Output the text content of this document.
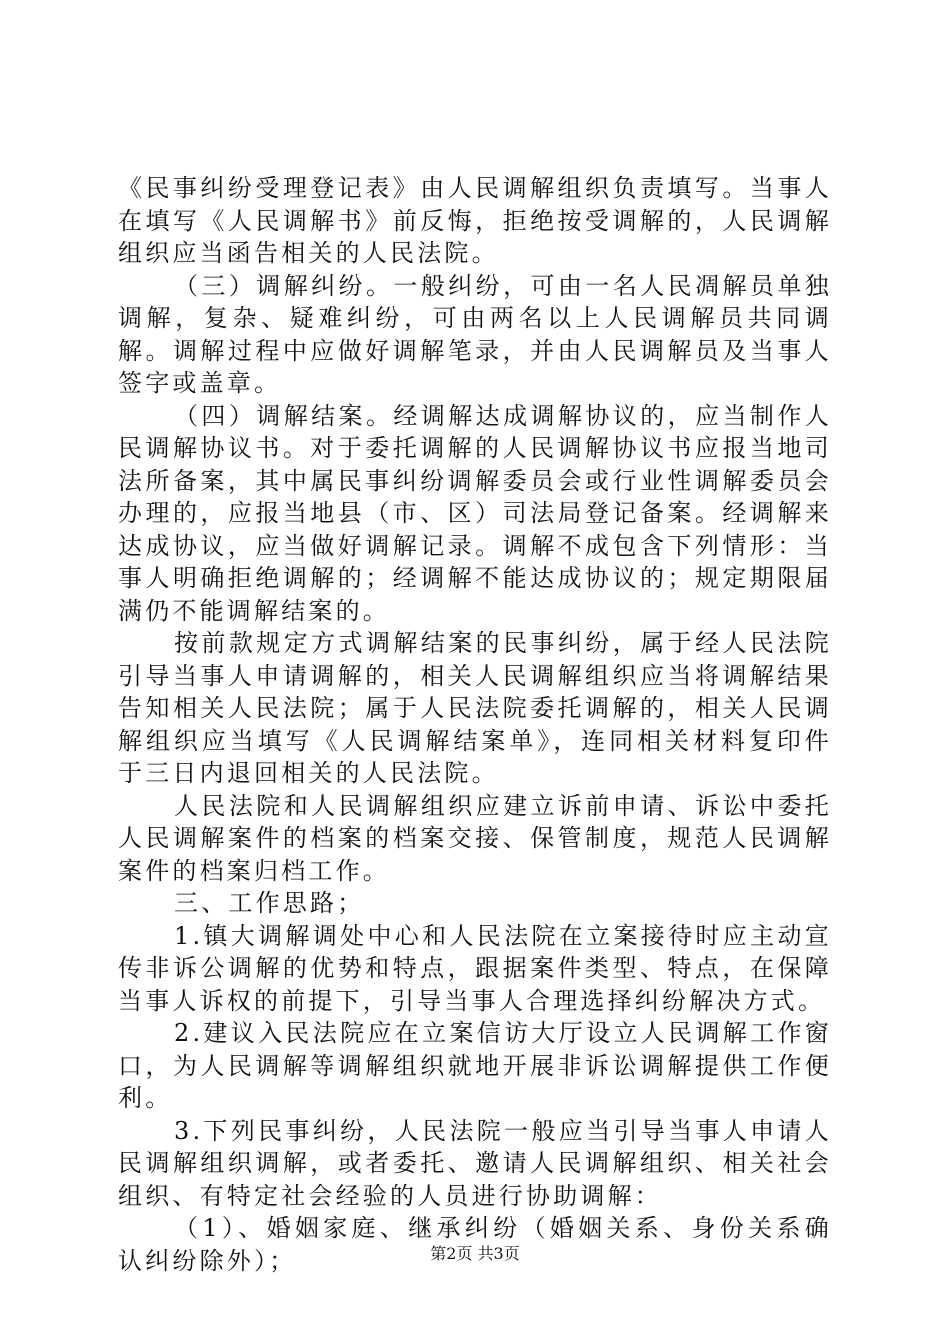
《民事纠纷受理登记表》由人民调解组织负责填写。当事人在填写《人民调解书》前反悔，拒绝按受调解的，人民调解组织应当函告相关的人民法院。

（三）调解纠纷。一般纠纷，可由一名人民凋解员单独调解，复杂、疑难纠纷，可由两名以上人民调解员共同调解。调解过程中应做好调解笔录，并由人民调解员及当事人签字或盖章。

（四）调解结案。经调解达成调解协议的，应当制作人民调解协议书。对于委托调解的人民调解协议书应报当地司法所备案，其中属民事纠纷调解委员会或行业性调解委员会办理的，应报当地县（市、区）司法局登记备案。经调解来达成协议，应当做好调解记录。调解不成包含下列情形：当事人明确拒绝调解的；经调解不能达成协议的；规定期限届满仍不能调解结案的。

按前款规定方式调解结案的民事纠纷，属于经人民法院引导当事人申请调解的，相关人民调解组织应当将调解结果告知相关人民法院；属于人民法院委托调解的，相关人民调解组织应当填写《人民调解结案单》，连同相关材料复印件于三日内退回相关的人民法院。

人民法院和人民调解组织应建立诉前申请、诉讼中委托人民调解案件的档案的档案交接、保管制度，规范人民调解案件的档案归档工作。

三、工作思路；

1.镇大调解调处中心和人民法院在立案接待时应主动宣传非诉公调解的优势和特点，跟据案件类型、特点，在保障当事人诉权的前提下，引导当事人合理选择纠纷解决方式。

2.建议入民法院应在立案信访大厅设立人民调解工作窗口，为人民调解等调解组织就地开展非诉讼调解提供工作便利。

3.下列民事纠纷，人民法院一般应当引导当事人申请人民调解组织调解，或者委托、邀请人民调解组织、相关社会组织、有特定社会经验的人员进行协助调解：

（1）、婚姻家庭、继承纠纷（婚姻关系、身份关系确认纠纷除外）；	第2页 共3页
